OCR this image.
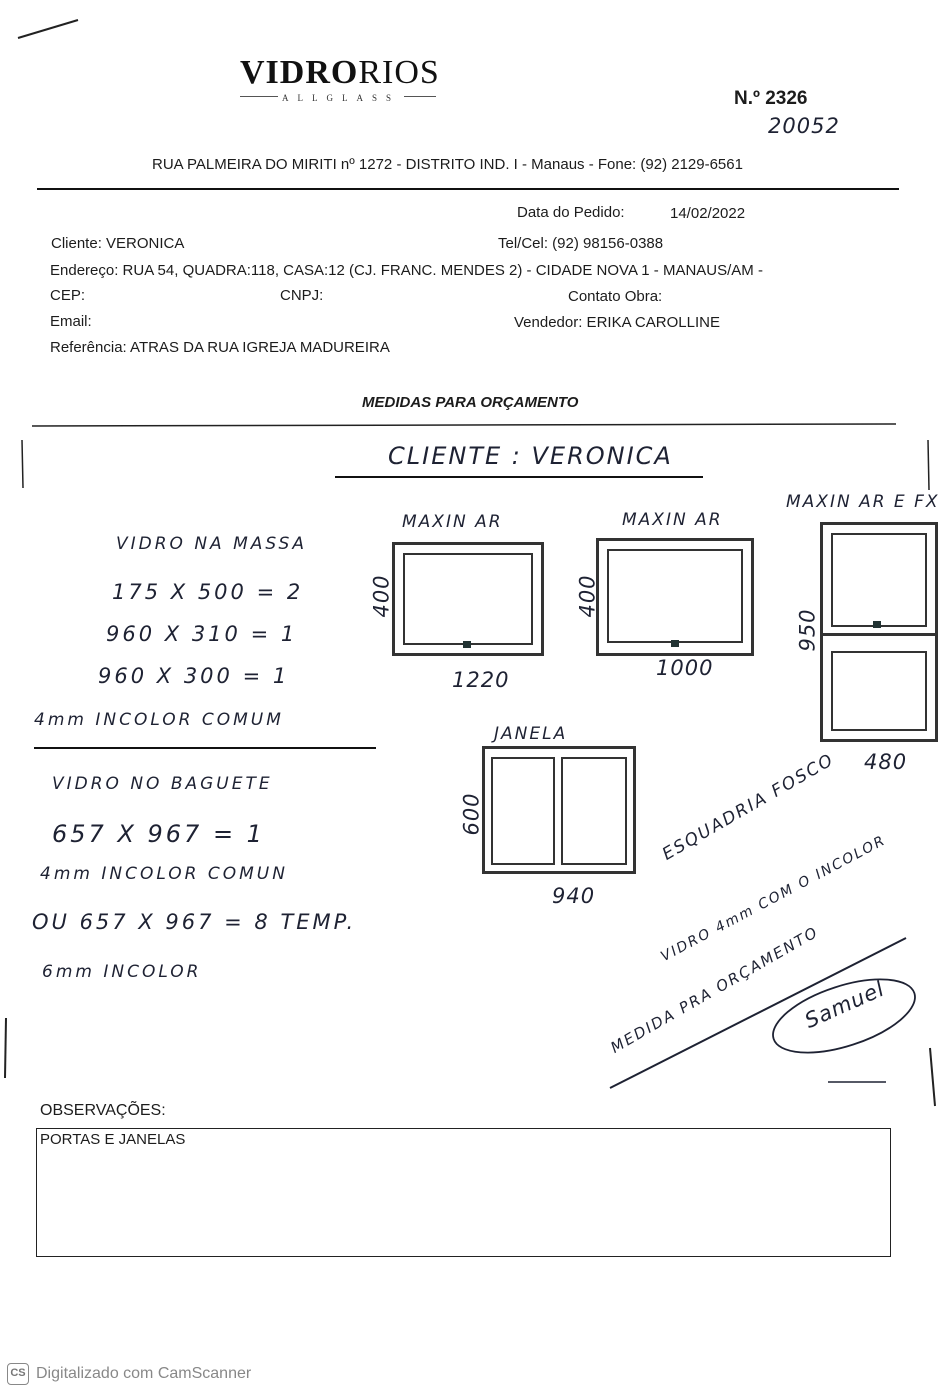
VIDRORIOS
ALLGLASS	N.º 2326
20052
RUA PALMEIRA DO MIRITI nº 1272 - DISTRITO IND. I - Manaus - Fone: (92) 2129-6561
Data do Pedido:	14/02/2022
Cliente: VERONICA	Tel/Cel: (92) 98156-0388
Endereço: RUA 54, QUADRA:118, CASA:12 (CJ. FRANC. MENDES 2) - CIDADE NOVA 1 - MANAUS/AM -
CEP:	CNPJ:	Contato Obra:
Email:	Vendedor: ERIKA CAROLLINE
Referência: ATRAS DA RUA IGREJA MADUREIRA
MEDIDAS PARA ORÇAMENTO
CLIENTE : VERONICA
VIDRO NA MASSA
175 X 500 = 2
960 X 310 = 1
960 X 300 = 1
4mm INCOLOR COMUM
VIDRO NO BAGUETE
657 X 967 = 1
4mm INCOLOR COMUN
OU 657 X 967 = 8 TEMP.
6mm INCOLOR
MAXIN AR
400
1220
MAXIN AR
400
1000
MAXIN AR E FX
950
480
JANELA
600
940
ESQUADRIA FOSCO
VIDRO 4mm COM O INCOLOR
MEDIDA PRA ORÇAMENTO
Samuel
OBSERVAÇÕES:
PORTAS E JANELAS
CS Digitalizado com CamScanner
